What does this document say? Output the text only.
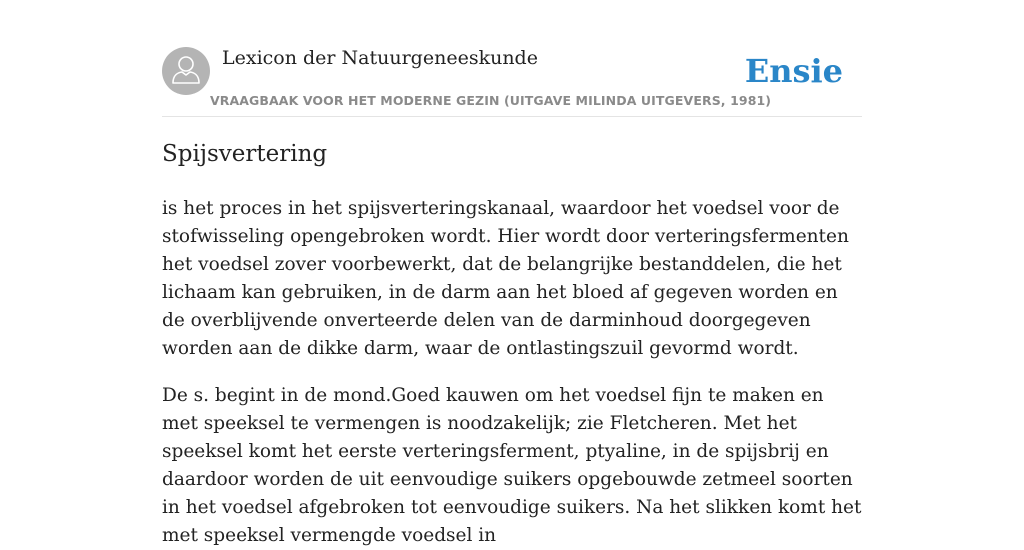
Lexicon der Natuurgeneeskunde
VRAAGBAAK VOOR HET MODERNE GEZIN (UITGAVE MILINDA UITGEVERS, 1981)
Ensie
Spijsvertering

is het proces in het spijsverteringskanaal, waardoor het voedsel voor de stofwisseling opengebroken wordt. Hier wordt door verteringsfermenten het voedsel zover voorbewerkt, dat de belangrijke bestanddelen, die het lichaam kan gebruiken, in de darm aan het bloed af gegeven worden en de overblijvende onverteerde delen van de darminhoud doorgegeven worden aan de dikke darm, waar de ontlastingszuil gevormd wordt.

De s. begint in de mond.Goed kauwen om het voedsel fijn te maken en met speeksel te vermengen is noodzakelijk; zie Fletcheren. Met het speeksel komt het eerste verteringsferment, ptyaline, in de spijsbrij en daardoor worden de uit eenvoudige suikers opgebouwde zetmeel soorten in het voedsel afgebroken tot eenvoudige suikers. Na het slikken komt het met speeksel vermengde voedsel in
